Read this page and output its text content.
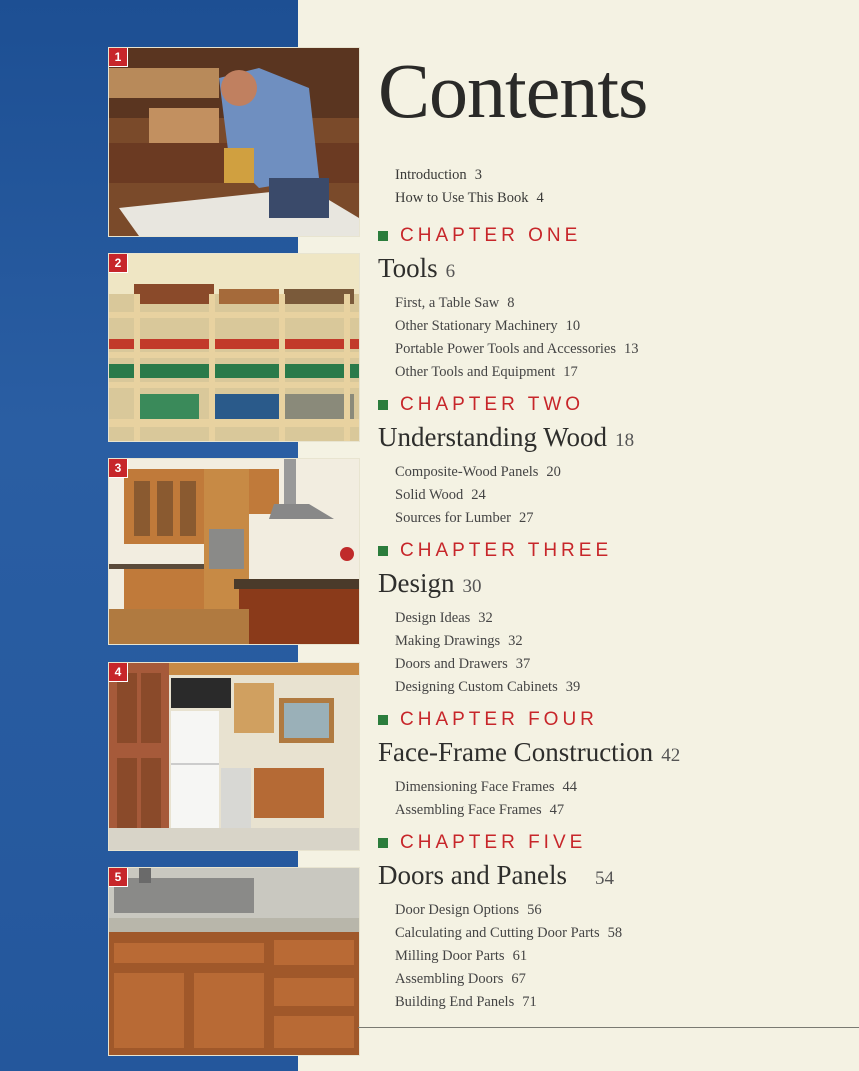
1
2
3
4
5
Contents
Introduction 3
How to Use This Book 4
CHAPTER ONE
Tools 6
First, a Table Saw 8
Other Stationary Machinery 10
Portable Power Tools and Accessories 13
Other Tools and Equipment 17
CHAPTER TWO
Understanding Wood 18
Composite-Wood Panels 20
Solid Wood 24
Sources for Lumber 27
CHAPTER THREE
Design 30
Design Ideas 32
Making Drawings 32
Doors and Drawers 37
Designing Custom Cabinets 39
CHAPTER FOUR
Face-Frame Construction 42
Dimensioning Face Frames 44
Assembling Face Frames 47
CHAPTER FIVE
Doors and Panels 54
Door Design Options 56
Calculating and Cutting Door Parts 58
Milling Door Parts 61
Assembling Doors 67
Building End Panels 71
